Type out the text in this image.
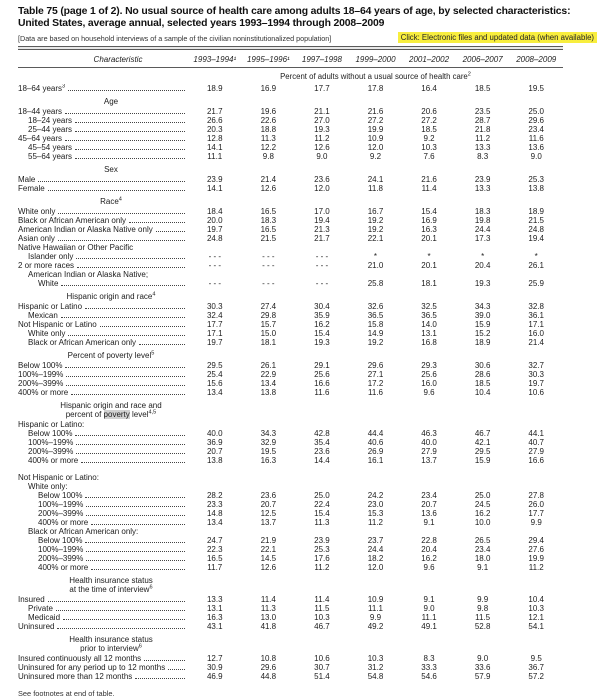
Table 75 (page 1 of 2). No usual source of health care among adults 18–64 years of age, by selected characteristics: United States, average annual, selected years 1993–1994 through 2008–2009
[Data are based on household interviews of a sample of the civilian noninstitutionalized population]	Click: Electronic files and updated data (when available)
Characteristic	1993–1994¹	1995–1996¹	1997–1998	1999–2000	2001–2002	2006–2007	2008–2009
Percent of adults without a usual source of health care$^2$
18–64 years$^3$	18.9	16.9	17.7	17.8	16.4	18.5	19.5
Age
18–44 years	21.7	19.6	21.1	21.6	20.6	23.5	25.0
18–24 years	26.6	22.6	27.0	27.2	27.2	28.7	29.6
25–44 years	20.3	18.8	19.3	19.9	18.5	21.8	23.4
45–64 years	12.8	11.3	11.2	10.9	9.2	11.2	11.6
45–54 years	14.1	12.2	12.6	12.0	10.3	13.3	13.6
55–64 years	11.1	9.8	9.0	9.2	7.6	8.3	9.0
Sex
Male	23.9	21.4	23.6	24.1	21.6	23.9	25.3
Female	14.1	12.6	12.0	11.8	11.4	13.3	13.8
Race$^4$
White only	18.4	16.5	17.0	16.7	15.4	18.3	18.9
Black or African American only	20.0	18.3	19.4	19.2	16.9	19.8	21.5
American Indian or Alaska Native only	19.7	16.5	21.3	19.2	16.3	24.4	24.8
Asian only	24.8	21.5	21.7	22.1	20.1	17.3	19.4
Native Hawaiian or Other Pacific
Islander only	- - -	- - -	- - -	*	*	*	*
2 or more races	- - -	- - -	- - -	21.0	20.1	20.4	26.1
American Indian or Alaska Native;
White	- - -	- - -	- - -	25.8	18.1	19.3	25.9
Hispanic origin and race$^4$
Hispanic or Latino	30.3	27.4	30.4	32.6	32.5	34.3	32.8
Mexican	32.4	29.8	35.9	36.5	36.5	39.0	36.1
Not Hispanic or Latino	17.7	15.7	16.2	15.8	14.0	15.9	17.1
White only	17.1	15.0	15.4	14.9	13.1	15.2	16.0
Black or African American only	19.7	18.1	19.3	19.2	16.8	18.9	21.4
Percent of poverty level$^5$
Below 100%	29.5	26.1	29.1	29.6	29.3	30.6	32.7
100%–199%	25.4	22.9	25.6	27.1	25.6	28.6	30.3
200%–399%	15.6	13.4	16.6	17.2	16.0	18.5	19.7
400% or more	13.4	13.8	11.6	11.6	9.6	10.4	10.6
Hispanic origin and race and
percent of poverty level$^{4,5}$
Hispanic or Latino:
Below 100%	40.0	34.3	42.8	44.4	46.3	46.7	44.1
100%–199%	36.9	32.9	35.4	40.6	40.0	42.1	40.7
200%–399%	20.7	19.5	23.6	26.9	27.9	29.5	27.9
400% or more	13.8	16.3	14.4	16.1	13.7	15.9	16.6
Not Hispanic or Latino:
White only:
Below 100%	28.2	23.6	25.0	24.2	23.4	25.0	27.8
100%–199%	23.3	20.7	22.4	23.0	20.7	24.5	26.0
200%–399%	14.8	12.5	15.4	15.3	13.6	16.2	17.7
400% or more	13.4	13.7	11.3	11.2	9.1	10.0	9.9
Black or African American only:
Below 100%	24.7	21.9	23.9	23.7	22.8	26.5	29.4
100%–199%	22.3	22.1	25.3	24.4	20.4	23.4	27.6
200%–399%	16.5	14.5	17.6	18.2	16.2	18.0	19.9
400% or more	11.7	12.6	11.2	12.0	9.6	9.1	11.2
Health insurance status
at the time of interview$^6$
Insured	13.3	11.4	11.4	10.9	9.1	9.9	10.4
Private	13.1	11.3	11.5	11.1	9.0	9.8	10.3
Medicaid	16.3	13.0	10.3	9.9	11.1	11.5	12.1
Uninsured	43.1	41.8	46.7	49.2	49.1	52.8	54.1
Health insurance status
prior to interview$^6$
Insured continuously all 12 months	12.7	10.8	10.6	10.3	8.3	9.0	9.5
Uninsured for any period up to 12 months	30.9	29.6	30.7	31.2	33.3	33.6	36.7
Uninsured more than 12 months	46.9	44.8	51.4	54.8	54.6	57.9	57.2
See footnotes at end of table.
